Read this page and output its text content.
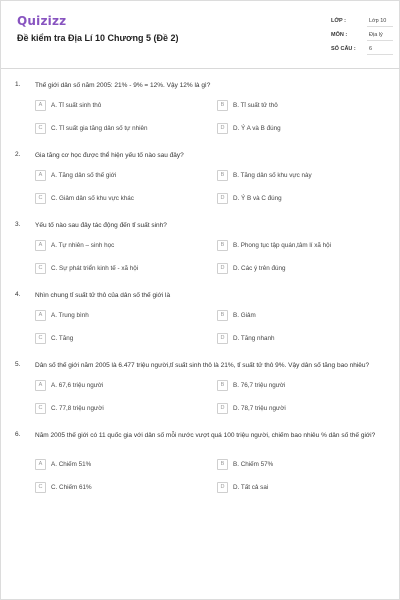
Quizizz
Đề kiểm tra Địa Lí 10 Chương 5 (Đề 2)
LỚP :	Lớp 10
MÔN :	Địa lý
SỐ CÂU :	6
1. Thế giới dân số năm 2005: 21% - 9% = 12%. Vậy 12% là gì?
A	A. Tỉ suất sinh thô	B	B. Tỉ suất tử thô
C	C. Tỉ suất gia tăng dân số tự nhiên	D	D. Ý A và B đúng
2. Gia tăng cơ học được thể hiện yếu tố nào sau đây?
A	A. Tăng dân số thế giới	B	B. Tăng dân số khu vực này
C	C. Giảm dân số khu vực khác	D	D. Ý B và C đúng
3. Yếu tố nào sau đây tác động đến tỉ suất sinh?
A	A. Tự nhiên – sinh học	B	B. Phong tục tập quán,tâm lí xã hội
C	C. Sự phát triển kinh tế - xã hội	D	D. Các ý trên đúng
4. Nhìn chung tỉ suất tử thô của dân số thế giới là
A	A. Trung bình	B	B. Giảm
C	C. Tăng	D	D. Tăng nhanh
5. Dân số thế giới năm 2005 là 6.477 triệu người,tỉ suất sinh thô là 21%, tỉ suất tử thô 9%. Vậy dân số tăng bao nhiêu?
A	A. 67,6 triệu người	B	B. 76,7 triệu người
C	C. 77,8 triệu người	D	D. 78,7 triệu người
6. Năm 2005 thế giới có 11 quốc gia với dân số mỗi nước vượt quá 100 triệu người, chiếm bao nhiêu % dân số thế giới?
A	A. Chiếm 51%	B	B. Chiếm 57%
C	C. Chiếm 61%	D	D. Tất cả sai
